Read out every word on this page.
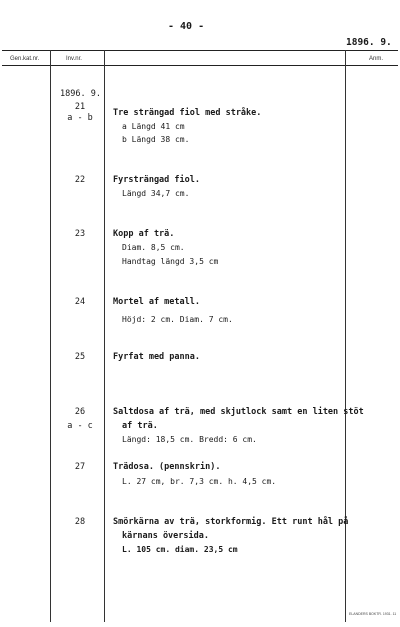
- 40 -
1896. 9.
Gen.kat.nr.	Inv.nr.	Anm.
1896. 9.
21
a - b	Tre strängad fiol med stråke.
a Längd 41 cm
b Längd 38 cm.
22	Fyrsträngad fiol.
Längd 34,7 cm.
23	Kopp af trä.
Diam. 8,5 cm.
Handtag längd 3,5 cm
24	Mortel af metall.
Höjd: 2 cm. Diam. 7 cm.
25	Fyrfat med panna.
26
a - c
Saltdosa af trä, med skjutlock samt en liten stöt
af trä.
Längd: 18,5 cm. Bredd: 6 cm.
27	Trädosa. (pennskrin).
L. 27 cm, br. 7,3 cm. h. 4,5 cm.
28	Smörkärna av trä, storkformig. Ett runt hål på
kärnans översida.
L. 105 cm. diam. 23,5 cm
ELANDERS BOKTR. 1931. 11
